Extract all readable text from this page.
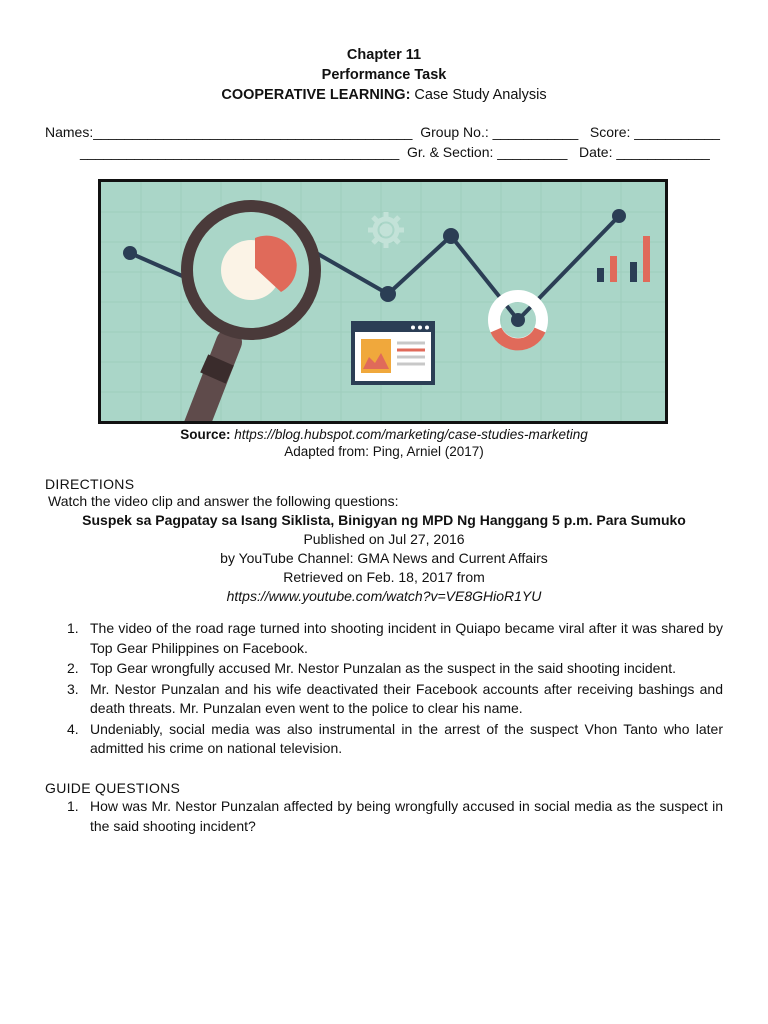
Chapter 11
Performance Task
COOPERATIVE LEARNING: Case Study Analysis
Names:_________________________________________  Group No.: ___________   Score: ___________
_________________________________________  Gr. & Section: _________   Date: ____________
Source: https://blog.hubspot.com/marketing/case-studies-marketing
Adapted from: Ping, Arniel (2017)
DIRECTIONS
Watch the video clip and answer the following questions:
Suspek sa Pagpatay sa Isang Siklista, Binigyan ng MPD Ng Hanggang 5 p.m. Para Sumuko
Published on Jul 27, 2016
by YouTube Channel: GMA News and Current Affairs
Retrieved on Feb. 18, 2017 from
https://www.youtube.com/watch?v=VE8GHioR1YU
1. The video of the road rage turned into shooting incident in Quiapo became viral after it was shared by Top Gear Philippines on Facebook.
2. Top Gear wrongfully accused Mr. Nestor Punzalan as the suspect in the said shooting incident.
3. Mr. Nestor Punzalan and his wife deactivated their Facebook accounts after receiving bashings and death threats. Mr. Punzalan even went to the police to clear his name.
4. Undeniably, social media was also instrumental in the arrest of the suspect Vhon Tanto who later admitted his crime on national television.
GUIDE QUESTIONS
1. How was Mr. Nestor Punzalan affected by being wrongfully accused in social media as the suspect in the said shooting incident?
